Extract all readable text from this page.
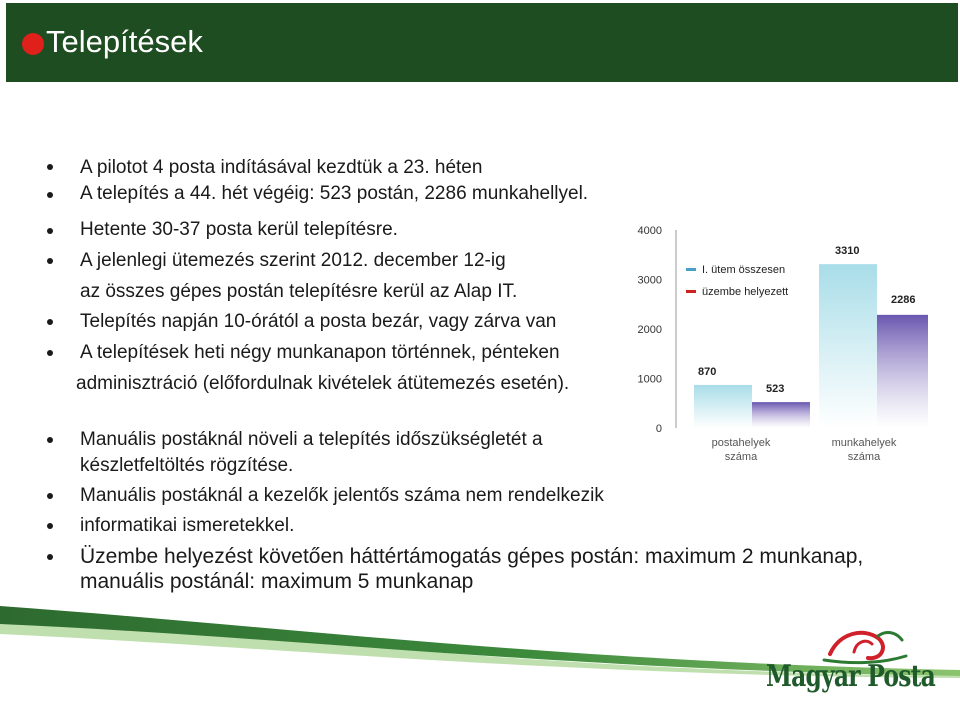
Telepítések
A pilotot 4 posta indításával kezdtük a 23. héten
A telepítés a 44. hét végéig: 523 postán, 2286 munkahellyel.
Hetente 30-37 posta kerül telepítésre.
A jelenlegi ütemezés szerint 2012. december 12-ig
az összes gépes postán telepítésre kerül az Alap IT.
Telepítés napján 10-órától a posta bezár, vagy zárva van
A telepítések heti négy munkanapon történnek, pénteken
adminisztráció (előfordulnak kivételek átütemezés esetén).
Manuális postáknál növeli a telepítés időszükségletét a
készletfeltöltés rögzítése.
Manuális postáknál a kezelők jelentős száma nem rendelkezik
informatikai ismeretekkel.
Üzembe helyezést követően háttértámogatás gépes postán: maximum 2 munkanap,
manuális postánál: maximum 5 munkanap
0
1000
2000
3000
4000
870
3310
523
2286
postahelyek
száma
munkahelyek
száma
I. ütem összesen
üzembe helyezett
Magyar Posta
